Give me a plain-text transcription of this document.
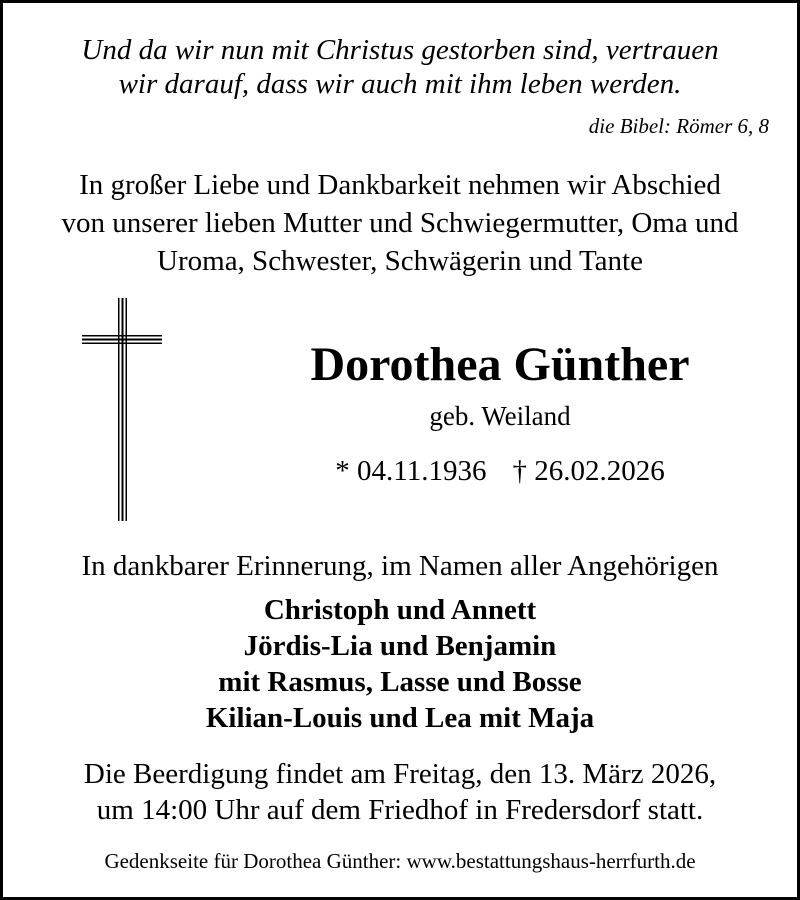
Und da wir nun mit Christus gestorben sind, vertrauen
wir darauf, dass wir auch mit ihm leben werden.
die Bibel: Römer 6, 8
In großer Liebe und Dankbarkeit nehmen wir Abschied
von unserer lieben Mutter und Schwiegermutter, Oma und
Uroma, Schwester, Schwägerin und Tante
Dorothea Günther
geb. Weiland
* 04.11.1936 † 26.02.2026
In dankbarer Erinnerung, im Namen aller Angehörigen
Christoph und Annett
Jördis-Lia und Benjamin
mit Rasmus, Lasse und Bosse
Kilian-Louis und Lea mit Maja
Die Beerdigung findet am Freitag, den 13. März 2026,
um 14:00 Uhr auf dem Friedhof in Fredersdorf statt.
Gedenkseite für Dorothea Günther: www.bestattungshaus-herrfurth.de
